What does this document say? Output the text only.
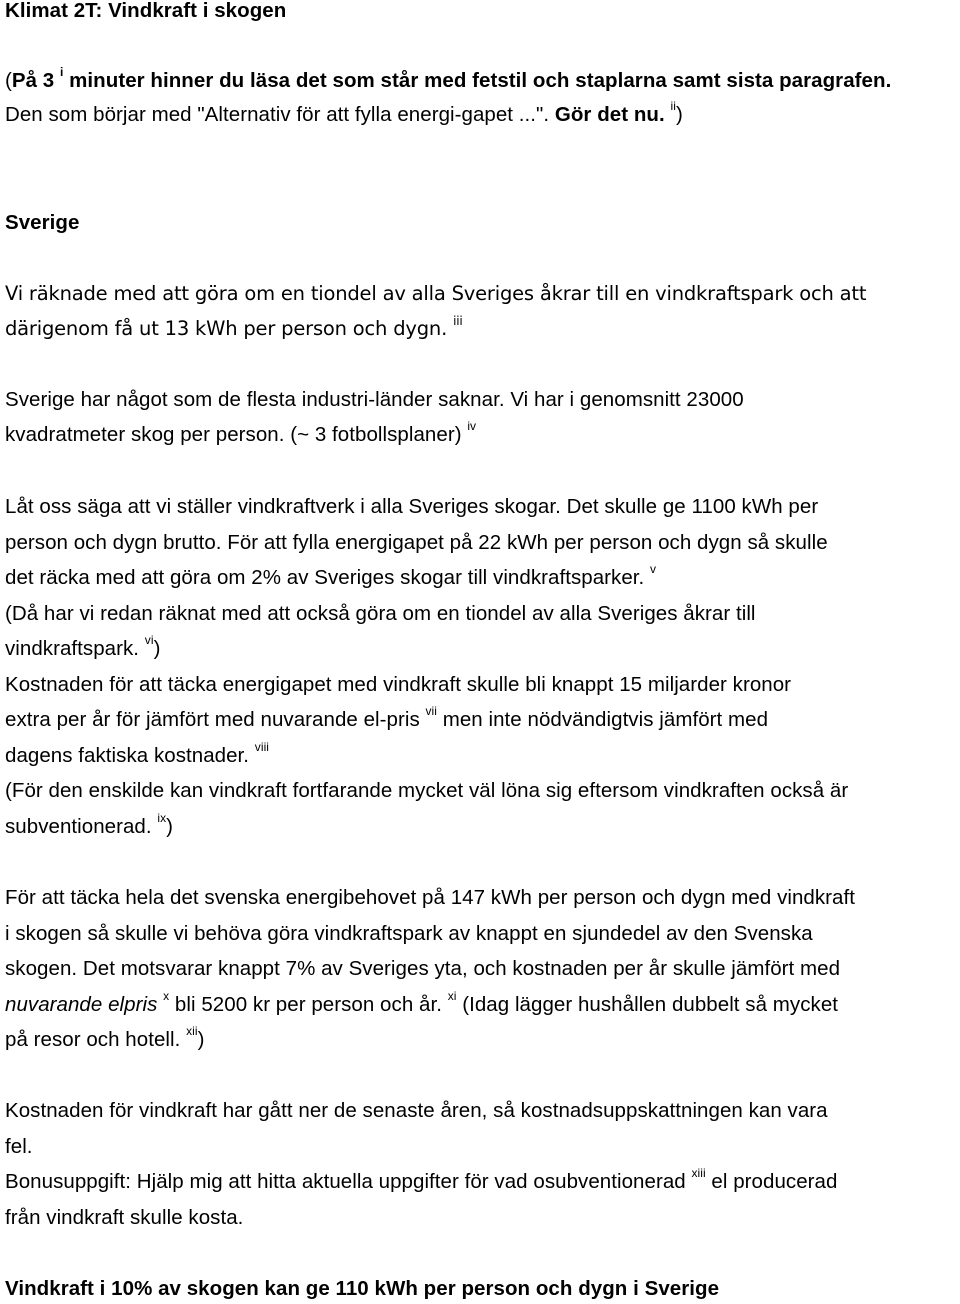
Klimat 2T: Vindkraft i skogen
(På 3 $^i$ minuter hinner du läsa det som står med fetstil och staplarna samt sista paragrafen.
Den som börjar med "Alternativ för att fylla energi-gapet ...". Gör det nu. $^{ii}$)
Sverige
Vi räknade med att göra om en tiondel av alla Sveriges åkrar till en vindkraftspark och att
därigenom få ut 13 kWh per person och dygn. $^{iii}$
Sverige har något som de flesta industri-länder saknar. Vi har i genomsnitt 23000
kvadratmeter skog per person. (~ 3 fotbollsplaner) $^{iv}$
Låt oss säga att vi ställer vindkraftverk i alla Sveriges skogar. Det skulle ge 1100 kWh per
person och dygn brutto. För att fylla energigapet på 22 kWh per person och dygn så skulle
det räcka med att göra om 2% av Sveriges skogar till vindkraftsparker. $^v$
(Då har vi redan räknat med att också göra om en tiondel av alla Sveriges åkrar till
vindkraftspark. $^{vi}$)
Kostnaden för att täcka energigapet med vindkraft skulle bli knappt 15 miljarder kronor
extra per år för jämfört med nuvarande el-pris $^{vii}$ men inte nödvändigtvis jämfört med
dagens faktiska kostnader. $^{viii}$
(För den enskilde kan vindkraft fortfarande mycket väl löna sig eftersom vindkraften också är
subventionerad. $^{ix}$)
För att täcka hela det svenska energibehovet på 147 kWh per person och dygn med vindkraft
i skogen så skulle vi behöva göra vindkraftspark av knappt en sjundedel av den Svenska
skogen. Det motsvarar knappt 7% av Sveriges yta, och kostnaden per år skulle jämfört med
nuvarande elpris $^x$ bli 5200 kr per person och år. $^{xi}$ (Idag lägger hushållen dubbelt så mycket
på resor och hotell. $^{xii}$)
Kostnaden för vindkraft har gått ner de senaste åren, så kostnadsuppskattningen kan vara
fel.
Bonusuppgift: Hjälp mig att hitta aktuella uppgifter för vad osubventionerad $^{xiii}$ el producerad
från vindkraft skulle kosta.
Vindkraft i 10% av skogen kan ge 110 kWh per person och dygn i Sverige
